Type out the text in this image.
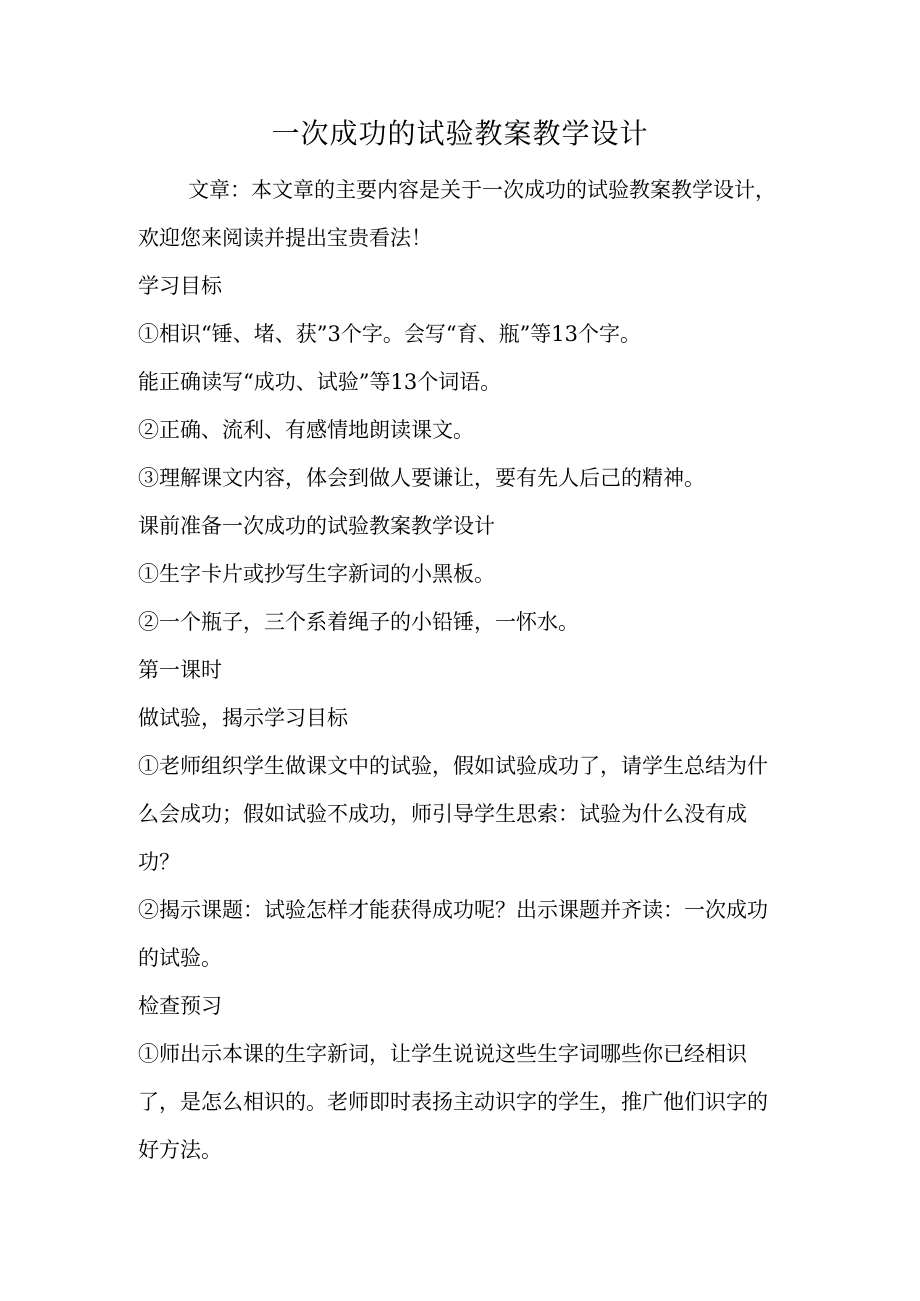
一次成功的试验教案教学设计

文章：本文章的主要内容是关于一次成功的试验教案教学设计，欢迎您来阅读并提出宝贵看法！

学习目标

①相识“锤、堵、获”3个字。会写“育、瓶”等13个字。

能正确读写“成功、试验”等13个词语。

②正确、流利、有感情地朗读课文。

③理解课文内容，体会到做人要谦让，要有先人后己的精神。

课前准备一次成功的试验教案教学设计

①生字卡片或抄写生字新词的小黑板。

②一个瓶子，三个系着绳子的小铅锤，一怀水。

第一课时

做试验，揭示学习目标

①老师组织学生做课文中的试验，假如试验成功了，请学生总结为什么会成功；假如试验不成功，师引导学生思索：试验为什么没有成功？

②揭示课题：试验怎样才能获得成功呢？出示课题并齐读：一次成功的试验。

检查预习

①师出示本课的生字新词，让学生说说这些生字词哪些你已经相识了，是怎么相识的。老师即时表扬主动识字的学生，推广他们识字的好方法。
